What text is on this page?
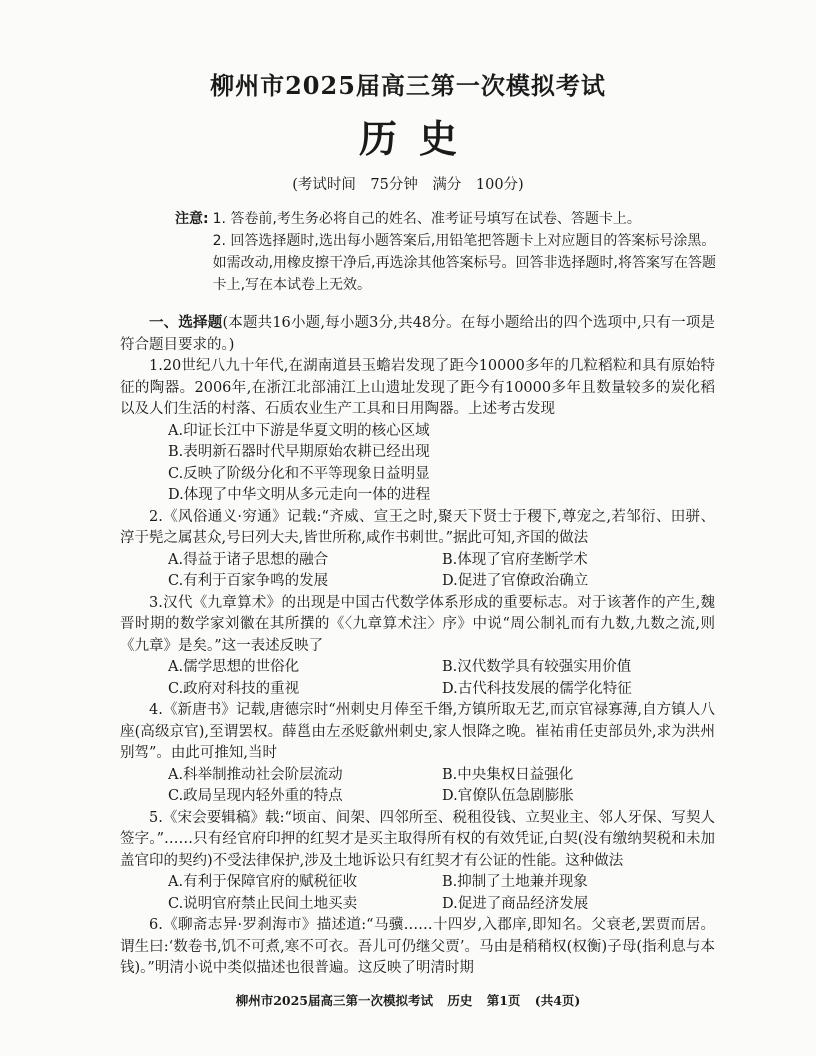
柳州市2025届高三第一次模拟考试
历史
(考试时间　75分钟　满分　100分)
注意: 1. 答卷前,考生务必将自己的姓名、准考证号填写在试卷、答题卡上。
2. 回答选择题时,选出每小题答案后,用铅笔把答题卡上对应题目的答案标号涂黑。如需改动,用橡皮擦干净后,再选涂其他答案标号。回答非选择题时,将答案写在答题卡上,写在本试卷上无效。

一、选择题(本题共16小题,每小题3分,共48分。在每小题给出的四个选项中,只有一项是符合题目要求的。)

1.20世纪八九十年代,在湖南道县玉蟾岩发现了距今10000多年的几粒稻粒和具有原始特征的陶器。2006年,在浙江北部浦江上山遗址发现了距今有10000多年且数量较多的炭化稻以及人们生活的村落、石质农业生产工具和日用陶器。上述考古发现

A.印证长江中下游是华夏文明的核心区域
B.表明新石器时代早期原始农耕已经出现
C.反映了阶级分化和不平等现象日益明显
D.体现了中华文明从多元走向一体的进程

2.《风俗通义·穷通》记载:“齐威、宣王之时,聚天下贤士于稷下,尊宠之,若邹衍、田骈、淳于髡之属甚众,号曰列大夫,皆世所称,咸作书刺世。”据此可知,齐国的做法

A.得益于诸子思想的融合	B.体现了官府垄断学术
C.有利于百家争鸣的发展	D.促进了官僚政治确立

3.汉代《九章算术》的出现是中国古代数学体系形成的重要标志。对于该著作的产生,魏晋时期的数学家刘徽在其所撰的《〈九章算术注〉序》中说“周公制礼而有九数,九数之流,则《九章》是矣。”这一表述反映了

A.儒学思想的世俗化	B.汉代数学具有较强实用价值
C.政府对科技的重视	D.古代科技发展的儒学化特征

4.《新唐书》记载,唐德宗时“州刺史月俸至千缗,方镇所取无艺,而京官禄寡薄,自方镇人八座(高级京官),至谓罢权。薛邕由左丞贬歙州刺史,家人恨降之晚。崔祐甫任吏部员外,求为洪州别驾”。由此可推知,当时

A.科举制推动社会阶层流动	B.中央集权日益强化
C.政局呈现内轻外重的特点	D.官僚队伍急剧膨胀

5.《宋会要辑稿》载:“顷亩、间架、四邻所至、税租役钱、立契业主、邻人牙保、写契人签字。”……只有经官府印押的红契才是买主取得所有权的有效凭证,白契(没有缴纳契税和未加盖官印的契约)不受法律保护,涉及土地诉讼只有红契才有公证的性能。这种做法

A.有利于保障官府的赋税征收	B.抑制了土地兼并现象
C.说明官府禁止民间土地买卖	D.促进了商品经济发展

6.《聊斋志异·罗刹海市》描述道:“马骥……十四岁,入郡庠,即知名。父衰老,罢贾而居。谓生曰:‘数卷书,饥不可煮,寒不可衣。吾儿可仍继父贾’。马由是稍稍权(权衡)子母(指利息与本钱)。”明清小说中类似描述也很普遍。这反映了明清时期

柳州市2025届高三第一次模拟考试 历史 第1页 (共4页)
